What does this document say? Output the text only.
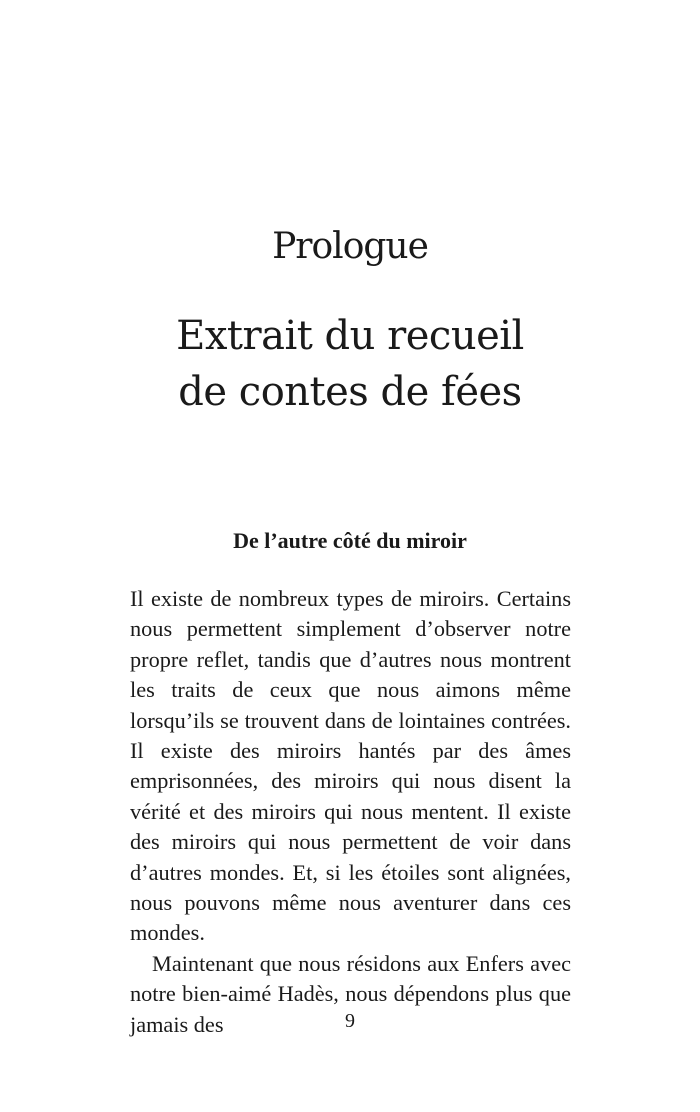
Prologue
Extrait du recueil
de contes de fées
De l’autre côté du miroir

Il existe de nombreux types de miroirs. Certains nous permettent simplement d’observer notre propre reflet, tandis que d’autres nous montrent les traits de ceux que nous aimons même lorsqu’ils se trouvent dans de lointaines contrées. Il existe des miroirs hantés par des âmes emprisonnées, des miroirs qui nous disent la vérité et des miroirs qui nous mentent. Il existe des miroirs qui nous permettent de voir dans d’autres mondes. Et, si les étoiles sont alignées, nous pouvons même nous aventurer dans ces mondes.

Maintenant que nous résidons aux Enfers avec notre bien-aimé Hadès, nous dépendons plus que jamais des	9
